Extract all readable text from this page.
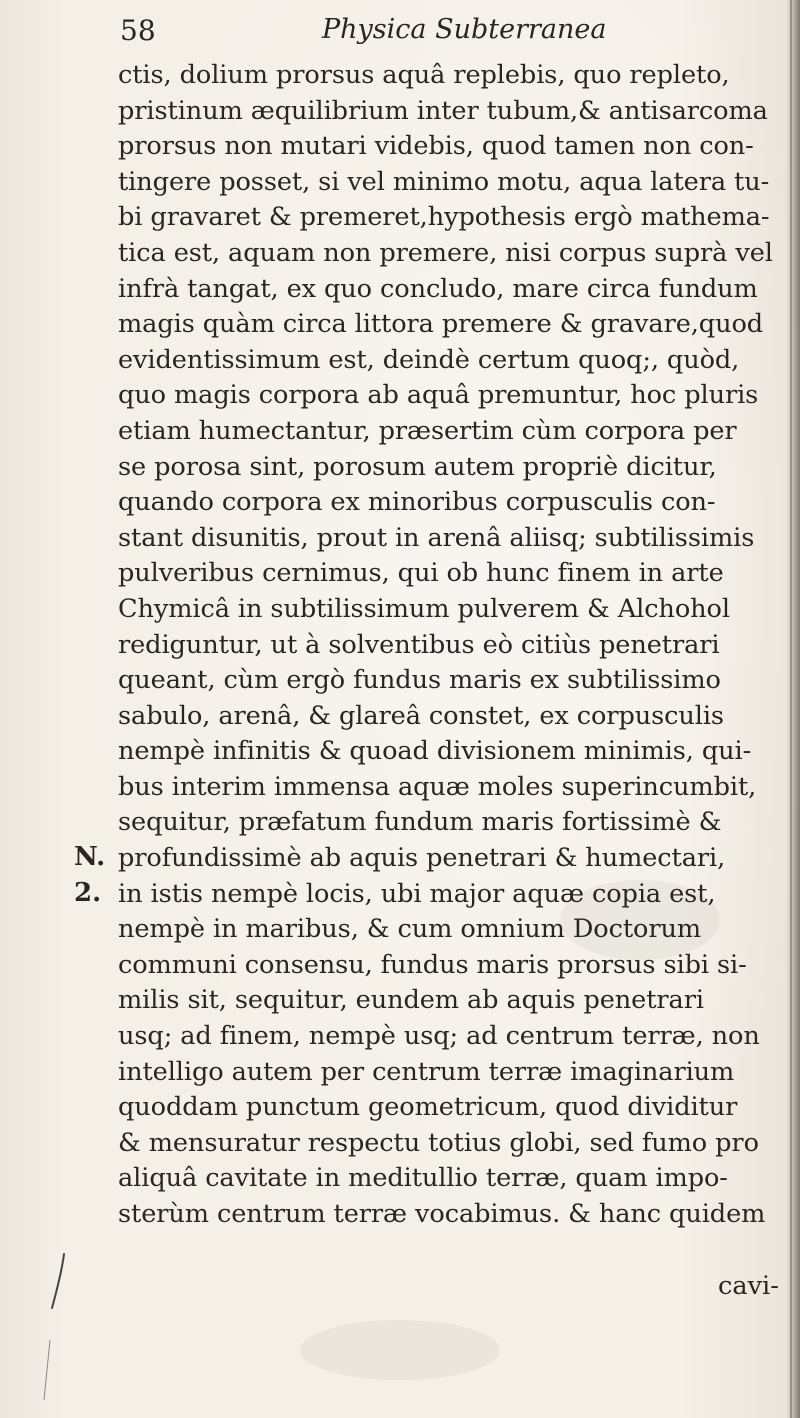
58	Physica Subterranea
ctis, dolium prorsus aquâ replebis, quo repleto,
pristinum æquilibrium inter tubum,& antisarcoma
prorsus non mutari videbis, quod tamen non con-
tingere posset, si vel minimo motu, aqua latera tu-
bi gravaret & premeret,hypothesis ergò mathema-
tica est, aquam non premere, nisi corpus suprà vel
infrà tangat, ex quo concludo, mare circa fundum
magis quàm circa littora premere & gravare,quod
evidentissimum est, deindè certum quoq;, quòd,
quo magis corpora ab aquâ premuntur, hoc pluris
etiam humectantur, præsertim cùm corpora per
se porosa sint, porosum autem propriè dicitur,
quando corpora ex minoribus corpusculis con-
stant disunitis, prout in arenâ aliisq; subtilissimis
pulveribus cernimus, qui ob hunc finem in arte
Chymicâ in subtilissimum pulverem & Alchohol
rediguntur, ut à solventibus eò citiùs penetrari
queant, cùm ergò fundus maris ex subtilissimo
sabulo, arenâ, & glareâ constet, ex corpusculis
nempè infinitis & quoad divisionem minimis, qui-
bus interim immensa aquæ moles superincumbit,
sequitur, præfatum fundum maris fortissimè &
profundissimè ab aquis penetrari & humectari,
in istis nempè locis, ubi major aquæ copia est,
nempè in maribus, & cum omnium Doctorum
communi consensu, fundus maris prorsus sibi si-
milis sit, sequitur, eundem ab aquis penetrari
usq; ad finem, nempè usq; ad centrum terræ, non
intelligo autem per centrum terræ imaginarium
quoddam punctum geometricum, quod dividitur
& mensuratur respectu totius globi, sed fumo pro
aliquâ cavitate in meditullio terræ, quam impo-
sterùm centrum terræ vocabimus. & hanc quidem
N.
2.
cavi-
